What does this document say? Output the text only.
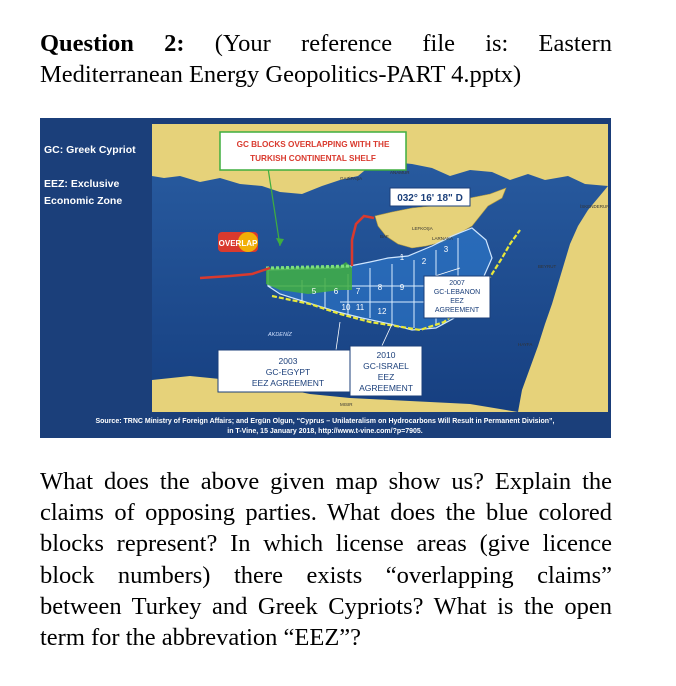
Question 2: (Your reference file is: Eastern
Mediterranean Energy Geopolitics-PART 4.pptx)
GC: Greek Cypriot
EEZ: Exclusive
Economic Zone
GC BLOCKS OVERLAPPING WITH THE
TURKISH CONTINENTAL SHELF
032° 16' 18" D
OVERLAP
1 2
3
5 6 7 8 9
10 11 12
GAZİPAŞA
ANAMUR
İSKENDERUN
LEFKOŞA
LARNAKA
BAF
BEYRUT
HAYFA
MISIR
AKDENİZ
2003
GC-EGYPT
EEZ AGREEMENT
2010
GC-ISRAEL
EEZ
AGREEMENT
2007
GC-LEBANON
EEZ
AGREEMENT
Source: TRNC Ministry of Foreign Affairs; and Ergün Olgun, “Cyprus – Unilateralism on Hydrocarbons Will Result in Permanent Division”,
in T-Vine, 15 January 2018, http://www.t-vine.com/?p=7905.
What does the above given map show us? Explain the claims of opposing parties. What does the blue colored blocks represent? In which license areas (give licence block numbers) there exists “overlapping claims” between Turkey and Greek Cypriots? What is the open term for the abbrevation “EEZ”?
